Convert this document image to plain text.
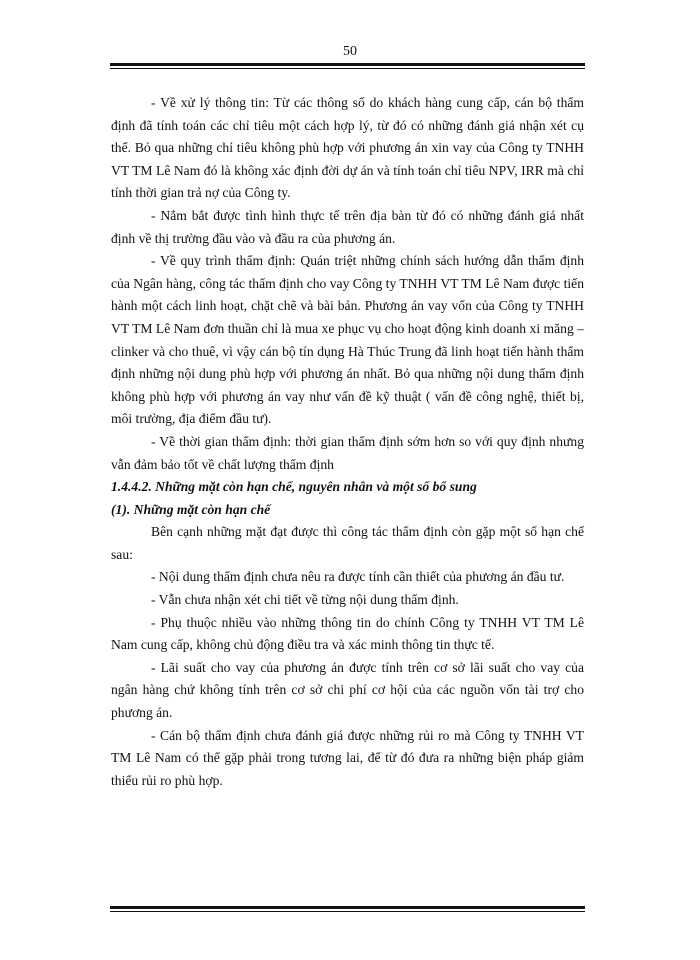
50

- Về xử lý thông tin: Từ các thông số do khách hàng cung cấp, cán bộ thẩm định đã tính toán các chỉ tiêu một cách hợp lý, từ đó có những đánh giá nhận xét cụ thể. Bỏ qua những chỉ tiêu không phù hợp với phương án xin vay của Công ty TNHH VT TM Lê Nam đó là không xác định đời dự án và tính toán chỉ tiêu NPV, IRR mà chỉ tính thời gian trả nợ của Công ty.

- Nắm bắt được tình hình thực tế trên địa bàn từ đó có những đánh giá nhất định về thị trường đầu vào và đầu ra của phương án.

- Về quy trình thẩm định: Quán triệt những chính sách hướng dẫn thẩm định của Ngân hàng, công tác thẩm định cho vay Công ty TNHH VT TM Lê Nam được tiến hành một cách linh hoạt, chặt chẽ và bài bản. Phương án vay vốn của Công ty TNHH VT TM Lê Nam đơn thuần chỉ là mua xe phục vụ cho hoạt động kinh doanh xi măng – clinker và cho thuê, vì vậy cán bộ tín dụng Hà Thúc Trung đã linh hoạt tiến hành thẩm định những nội dung phù hợp với phương án nhất. Bỏ qua những nội dung thẩm định không phù hợp với phương án vay như vấn đề kỹ thuật ( vấn đề công nghệ, thiết bị, môi trường, địa điểm đầu tư).

- Về thời gian thẩm định: thời gian thẩm định sớm hơn so với quy định nhưng vẫn đảm bảo tốt về chất lượng thẩm định

1.4.4.2. Những mặt còn hạn chế, nguyên nhân và một số bổ sung

(1). Những mặt còn hạn chế

Bên cạnh những mặt đạt được thì công tác thẩm định còn gặp một số hạn chế sau:

- Nội dung thẩm định chưa nêu ra được tính cần thiết của phương án đầu tư.

- Vẫn chưa nhận xét chi tiết về từng nội dung thẩm định.

- Phụ thuộc nhiều vào những thông tin do chính Công ty TNHH VT TM Lê Nam cung cấp, không chủ động điều tra và xác minh thông tin thực tế.

- Lãi suất cho vay của phương án được tính trên cơ sở lãi suất cho vay của ngân hàng chứ không tính trên cơ sở chi phí cơ hội của các nguồn vốn tài trợ cho phương án.

- Cán bộ thẩm định chưa đánh giá được những rủi ro mà Công ty TNHH VT TM Lê Nam có thể gặp phải trong tương lai, để từ đó đưa ra những biện pháp giảm thiểu rủi ro phù hợp.
